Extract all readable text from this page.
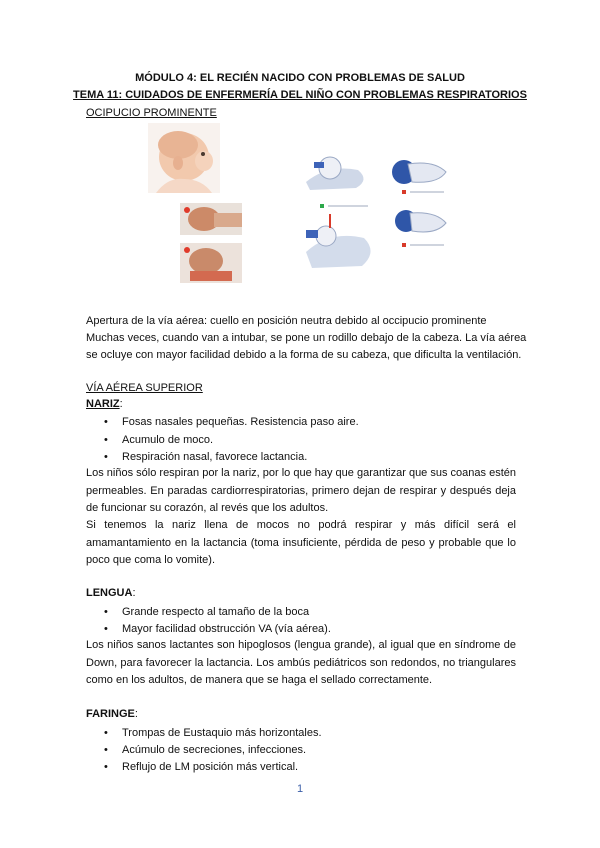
MÓDULO 4: EL RECIÉN NACIDO CON PROBLEMAS DE SALUD
TEMA 11: CUIDADOS DE ENFERMERÍA DEL NIÑO CON PROBLEMAS RESPIRATORIOS
OCIPUCIO PROMINENTE
Apertura de la vía aérea: cuello en posición neutra debido al occipucio prominente
Muchas veces, cuando van a intubar, se pone un rodillo debajo de la cabeza. La vía aérea
se ocluye con mayor facilidad debido a la forma de su cabeza, que dificulta la ventilación.
VÍA AÉREA SUPERIOR
NARIZ:
• Fosas nasales pequeñas. Resistencia paso aire.
• Acumulo de moco.
• Respiración nasal, favorece lactancia.
Los niños sólo respiran por la nariz, por lo que hay que garantizar que sus coanas estén permeables. En paradas cardiorrespiratorias, primero dejan de respirar y después deja de funcionar su corazón, al revés que los adultos.
Si tenemos la nariz llena de mocos no podrá respirar y más difícil será el amamantamiento en la lactancia (toma insuficiente, pérdida de peso y probable que lo poco que coma lo vomite).
LENGUA:
• Grande respecto al tamaño de la boca
• Mayor facilidad obstrucción VA (vía aérea).
Los niños sanos lactantes son hipoglosos (lengua grande), al igual que en síndrome de Down, para favorecer la lactancia. Los ambús pediátricos son redondos, no triangulares como en los adultos, de manera que se haga el sellado correctamente.
FARINGE:
• Trompas de Eustaquio más horizontales.
• Acúmulo de secreciones, infecciones.
• Reflujo de LM posición más vertical.
1
